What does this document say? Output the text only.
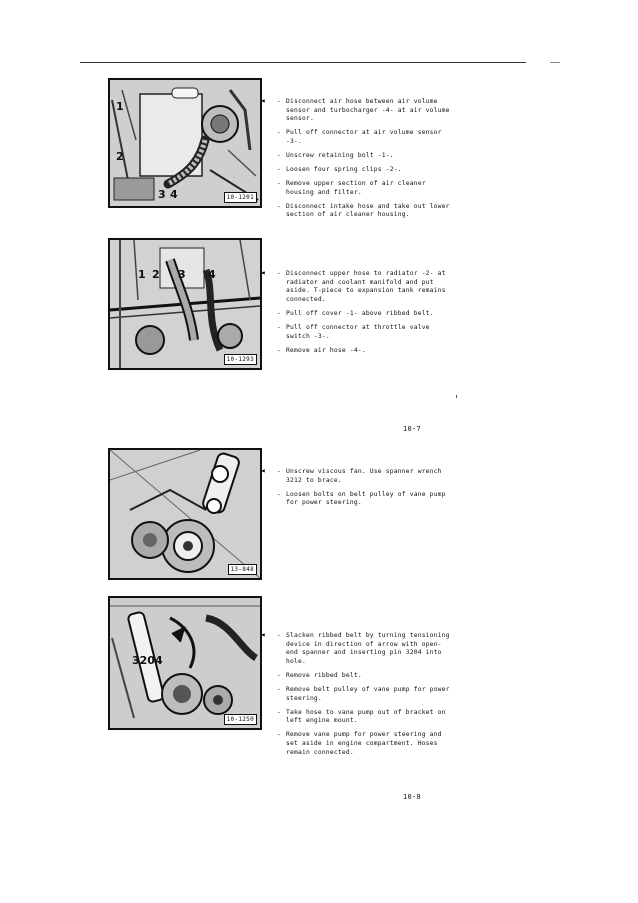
2
3 4
1
10-1201
◄ - Disconnect air hose between air volume sensor and turbocharger -4- at air volume sensor.
- Pull off connector at air volume sensor -3-.
- Unscrew retaining bolt -1-.
- Loosen four spring clips -2-.
- Remove upper section of air cleaner housing and filter.
- Disconnect intake hose and take out lower section of air cleaner housing.
1 2 3 4
10-1293
◄ - Disconnect upper hose to radiator -2- at radiator and coolant manifold and put aside. T-piece to expansion tank remains connected.
- Pull off cover -1- above ribbed belt.
- Pull off connector at throttle valve switch -3-.
- Remove air hose -4-.
10-7
13-848
◄ - Unscrew viscous fan. Use spanner wrench 3212 to brace.
- Loosen bolts on belt pulley of vane pump for power steering.
3204
10-1250
◄ - Slacken ribbed belt by turning tensioning device in direction of arrow with open-end spanner and inserting pin 3204 into hole.
- Remove ribbed belt.
- Remove belt pulley of vane pump for power steering.
- Take hose to vane pump out of bracket on left engine mount.
- Remove vane pump for power steering and set aside in engine compartment. Hoses remain connected.
10-8
